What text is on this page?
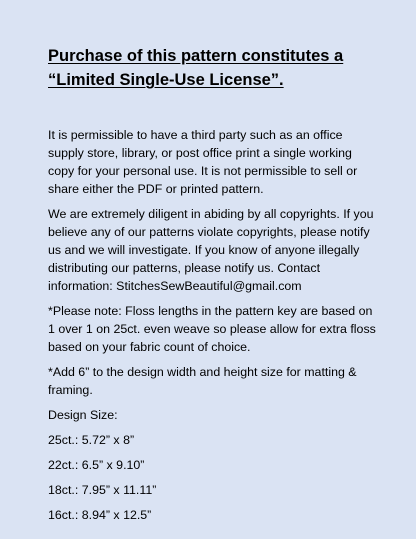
Purchase of this pattern constitutes a
“Limited Single-Use License”.

It is permissible to have a third party such as an office supply store, library, or post office print a single working copy for your personal use. It is not permissible to sell or share either the PDF or printed pattern.

We are extremely diligent in abiding by all copyrights. If you believe any of our patterns violate copyrights, please notify us and we will investigate. If you know of anyone illegally distributing our patterns, please notify us. Contact information: StitchesSewBeautiful@gmail.com

*Please note: Floss lengths in the pattern key are based on 1 over 1 on 25ct. even weave so please allow for extra floss based on your fabric count of choice.

*Add 6” to the design width and height size for matting & framing.

Design Size:
25ct.: 5.72” x 8”
22ct.: 6.5” x 9.10”
18ct.: 7.95” x 11.11”
16ct.: 8.94” x 12.5”
